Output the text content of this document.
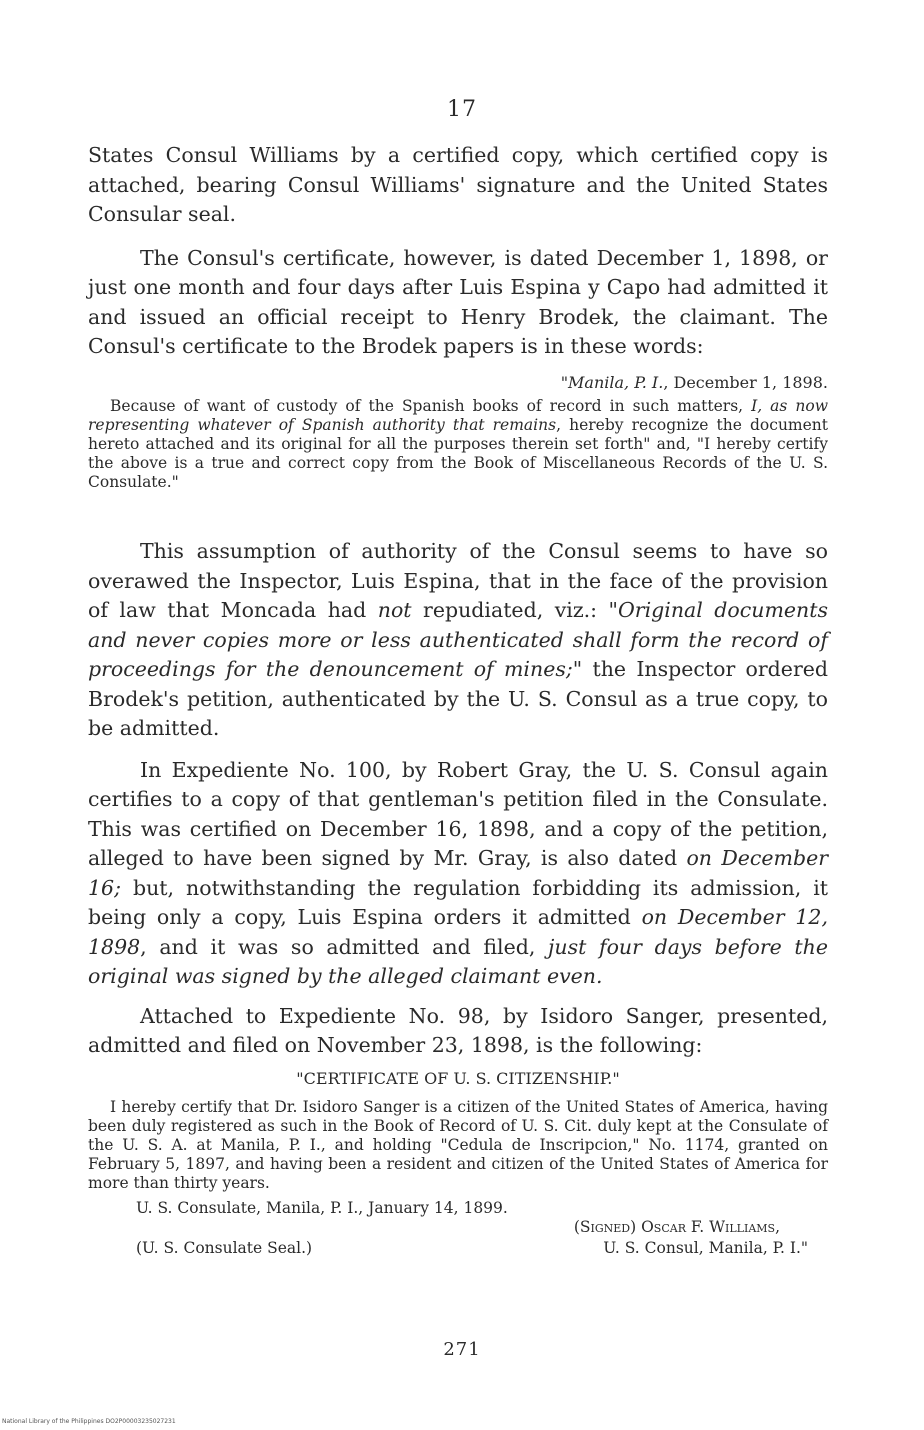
17

States Consul Williams by a certified copy, which certified copy is attached, bearing Consul Williams' signature and the United States Consular seal.

The Consul's certificate, however, is dated December 1, 1898, or just one month and four days after Luis Espina y Capo had admitted it and issued an official receipt to Henry Brodek, the claimant. The Consul's certificate to the Brodek papers is in these words:

"Manila, P. I., December 1, 1898.

Because of want of custody of the Spanish books of record in such matters, I, as now representing whatever of Spanish authority that remains, hereby recognize the document hereto attached and its original for all the purposes therein set forth" and, "I hereby certify the above is a true and correct copy from the Book of Miscellaneous Records of the U. S. Consulate."

This assumption of authority of the Consul seems to have so overawed the Inspector, Luis Espina, that in the face of the provision of law that Moncada had not repudiated, viz.: "Original documents and never copies more or less authenticated shall form the record of proceedings for the denouncement of mines;" the Inspector ordered Brodek's petition, authenticated by the U. S. Consul as a true copy, to be admitted.

In Expediente No. 100, by Robert Gray, the U. S. Consul again certifies to a copy of that gentleman's petition filed in the Consulate. This was certified on December 16, 1898, and a copy of the petition, alleged to have been signed by Mr. Gray, is also dated on December 16; but, notwithstanding the regulation forbidding its admission, it being only a copy, Luis Espina orders it admitted on December 12, 1898, and it was so admitted and filed, just four days before the original was signed by the alleged claimant even.

Attached to Expediente No. 98, by Isidoro Sanger, presented, admitted and filed on November 23, 1898, is the following:

"CERTIFICATE OF U. S. CITIZENSHIP."

I hereby certify that Dr. Isidoro Sanger is a citizen of the United States of America, having been duly registered as such in the Book of Record of U. S. Cit. duly kept at the Consulate of the U. S. A. at Manila, P. I., and holding "Cedula de Inscripcion," No. 1174, granted on February 5, 1897, and having been a resident and citizen of the United States of America for more than thirty years.

U. S. Consulate, Manila, P. I., January 14, 1899.

(Signed) Oscar F. Williams,

(U. S. Consulate Seal.)	U. S. Consul, Manila, P. I."
271
National Library of the Philippines DO2P00003235027231
